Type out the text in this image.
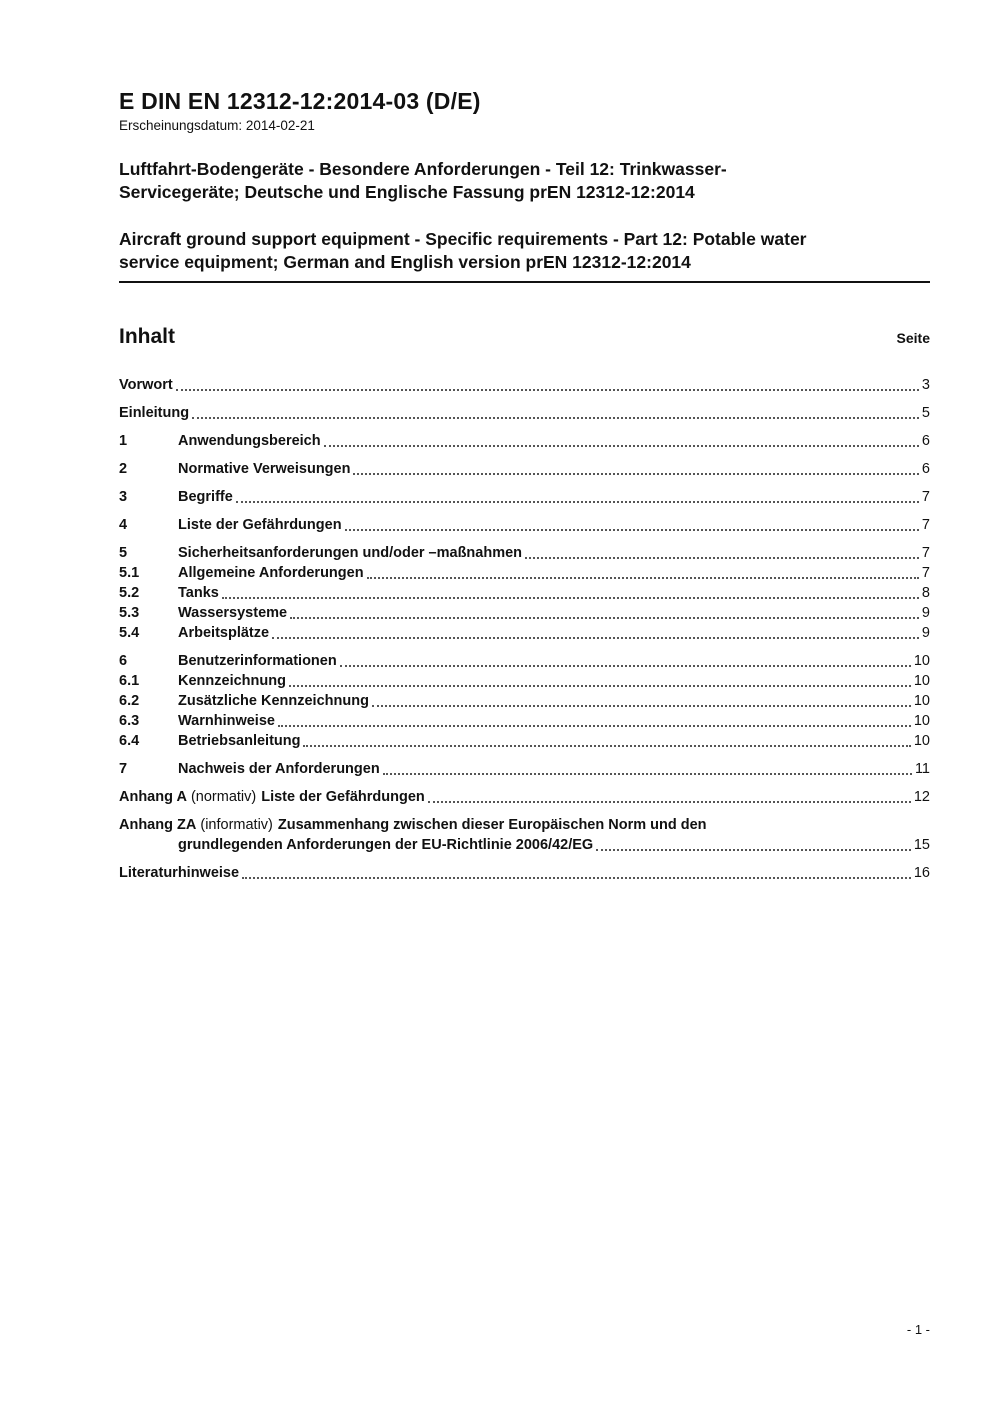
E DIN EN 12312-12:2014-03 (D/E)
Erscheinungsdatum: 2014-02-21
Luftfahrt-Bodengeräte - Besondere Anforderungen - Teil 12: Trinkwasser-
Servicegeräte; Deutsche und Englische Fassung prEN 12312-12:2014
Aircraft ground support equipment - Specific requirements - Part 12: Potable water
service equipment; German and English version prEN 12312-12:2014
Inhalt	Seite
Vorwort	3
Einleitung	5
1	Anwendungsbereich	6
2	Normative Verweisungen	6
3	Begriffe	7
4	Liste der Gefährdungen	7
5	Sicherheitsanforderungen und/oder –maßnahmen	7
5.1	Allgemeine Anforderungen	7
5.2	Tanks	8
5.3	Wassersysteme	9
5.4	Arbeitsplätze	9
6	Benutzerinformationen	10
6.1	Kennzeichnung	10
6.2	Zusätzliche Kennzeichnung	10
6.3	Warnhinweise	10
6.4	Betriebsanleitung	10
7	Nachweis der Anforderungen	11
Anhang A (normativ) Liste der Gefährdungen	12
Anhang ZA (informativ) Zusammenhang zwischen dieser Europäischen Norm und den
grundlegenden Anforderungen der EU-Richtlinie 2006/42/EG	15
Literaturhinweise	16
- 1 -
